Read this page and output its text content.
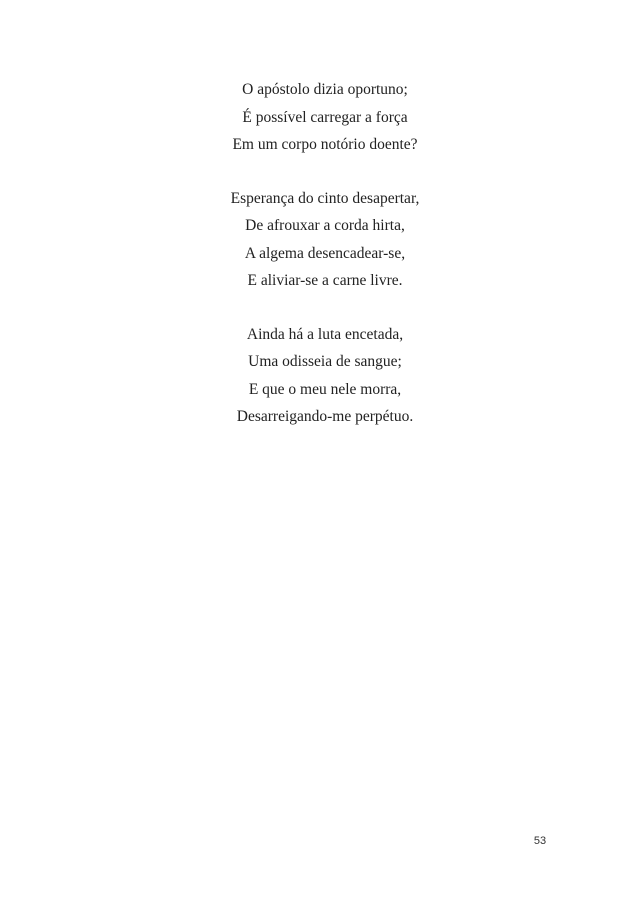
O apóstolo dizia oportuno;
É possível carregar a força
Em um corpo notório doente?

Esperança do cinto desapertar,
De afrouxar a corda hirta,
A algema desencadear-se,
E aliviar-se a carne livre.

Ainda há a luta encetada,
Uma odisseia de sangue;
E que o meu nele morra,
Desarreigando-me perpétuo.

53
